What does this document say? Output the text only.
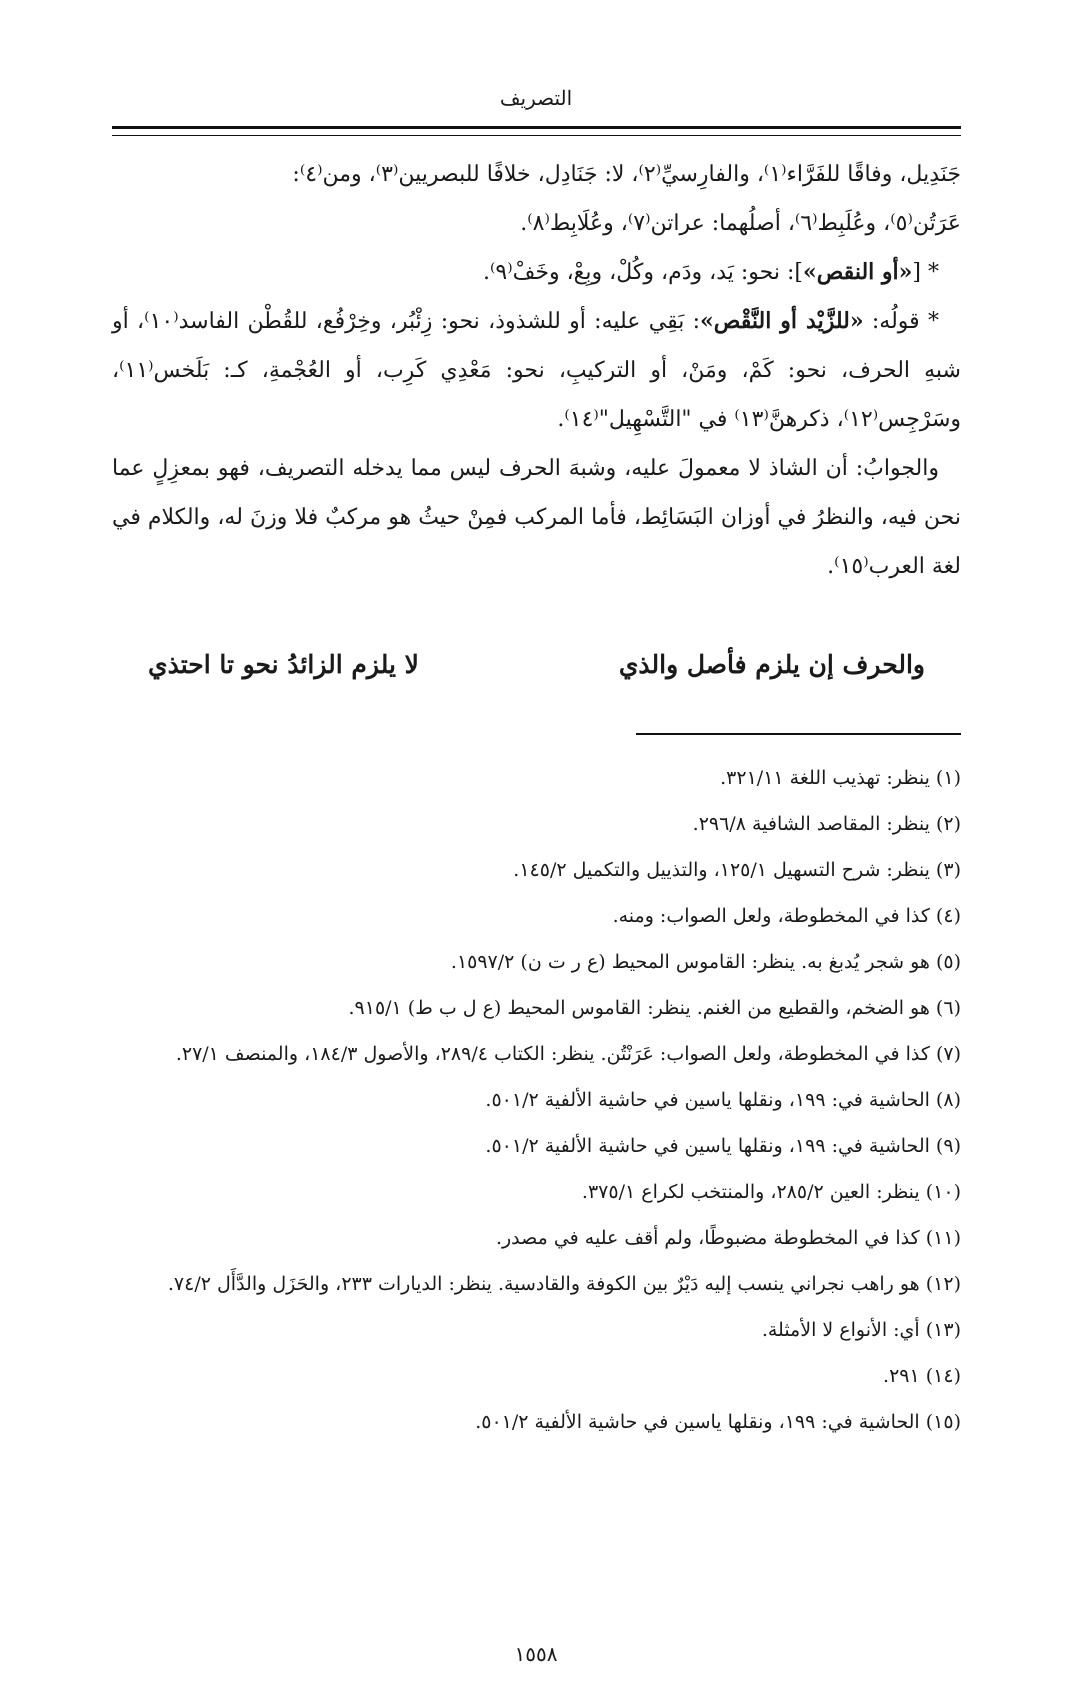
التصريف

جَنَدِيل، وفاقًا للفَرَّاء⁽١⁾، والفارِسيِّ⁽٢⁾، لا: جَنَادِل، خلافًا للبصريين⁽٣⁾، ومن⁽٤⁾:

عَرَتُن⁽٥⁾، وعُلَبِط⁽٦⁾، أصلُهما: عراتن⁽٧⁾، وعُلَابِط⁽٨⁾.

* [«أو النقص»]: نحو: يَد، ودَم، وكُلْ، وبِعْ، وخَفْ⁽٩⁾.

* قولُه: «للزَّيْد أو النَّقْص»: بَقِي عليه: أو للشذوذ، نحو: زِئْبُر، وخِرْفُع، للقُطْن الفاسد⁽١٠⁾، أو شبهِ الحرف، نحو: كَمْ، ومَنْ، أو التركيبِ، نحو: مَعْدِي كَرِب، أو العُجْمةِ، كـ: بَلَخس⁽١١⁾، وسَرْجِس⁽١٢⁾، ذكرهنَّ⁽١٣⁾ في "التَّسْهِيل"⁽١٤⁾.

والجوابُ: أن الشاذ لا معمولَ عليه، وشبهَ الحرف ليس مما يدخله التصريف، فهو بمعزِلٍ عما نحن فيه، والنظرُ في أوزان البَسَائِط، فأما المركب فمِنْ حيثُ هو مركبٌ فلا وزنَ له، والكلام في لغة العرب⁽١٥⁾.

والحرف إن يلزم فأصل والذي
لا يلزم الزائدُ نحو تا احتذي

(١) ينظر: تهذيب اللغة ٣٢١/١١.

(٢) ينظر: المقاصد الشافية ٢٩٦/٨.

(٣) ينظر: شرح التسهيل ١٢٥/١، والتذييل والتكميل ١٤٥/٢.

(٤) كذا في المخطوطة، ولعل الصواب: ومنه.

(٥) هو شجر يُدبغ به. ينظر: القاموس المحيط (ع ر ت ن) ١٥٩٧/٢.

(٦) هو الضخم، والقطيع من الغنم. ينظر: القاموس المحيط (ع ل ب ط) ٩١٥/١.

(٧) كذا في المخطوطة، ولعل الصواب: عَرَنْتُن. ينظر: الكتاب ٢٨٩/٤، والأصول ١٨٤/٣، والمنصف ٢٧/١.

(٨) الحاشية في: ١٩٩، ونقلها ياسين في حاشية الألفية ٥٠١/٢.

(٩) الحاشية في: ١٩٩، ونقلها ياسين في حاشية الألفية ٥٠١/٢.

(١٠) ينظر: العين ٢٨٥/٢، والمنتخب لكراع ٣٧٥/١.

(١١) كذا في المخطوطة مضبوطًا، ولم أقف عليه في مصدر.

(١٢) هو راهب نجراني ينسب إليه دَيْرٌ بين الكوفة والقادسية. ينظر: الديارات ٢٣٣، والحَزَل والدَّأَل ٧٤/٢.

(١٣) أي: الأنواع لا الأمثلة.

(١٤) ٢٩١.

(١٥) الحاشية في: ١٩٩، ونقلها ياسين في حاشية الألفية ٥٠١/٢.

١٥٥٨
